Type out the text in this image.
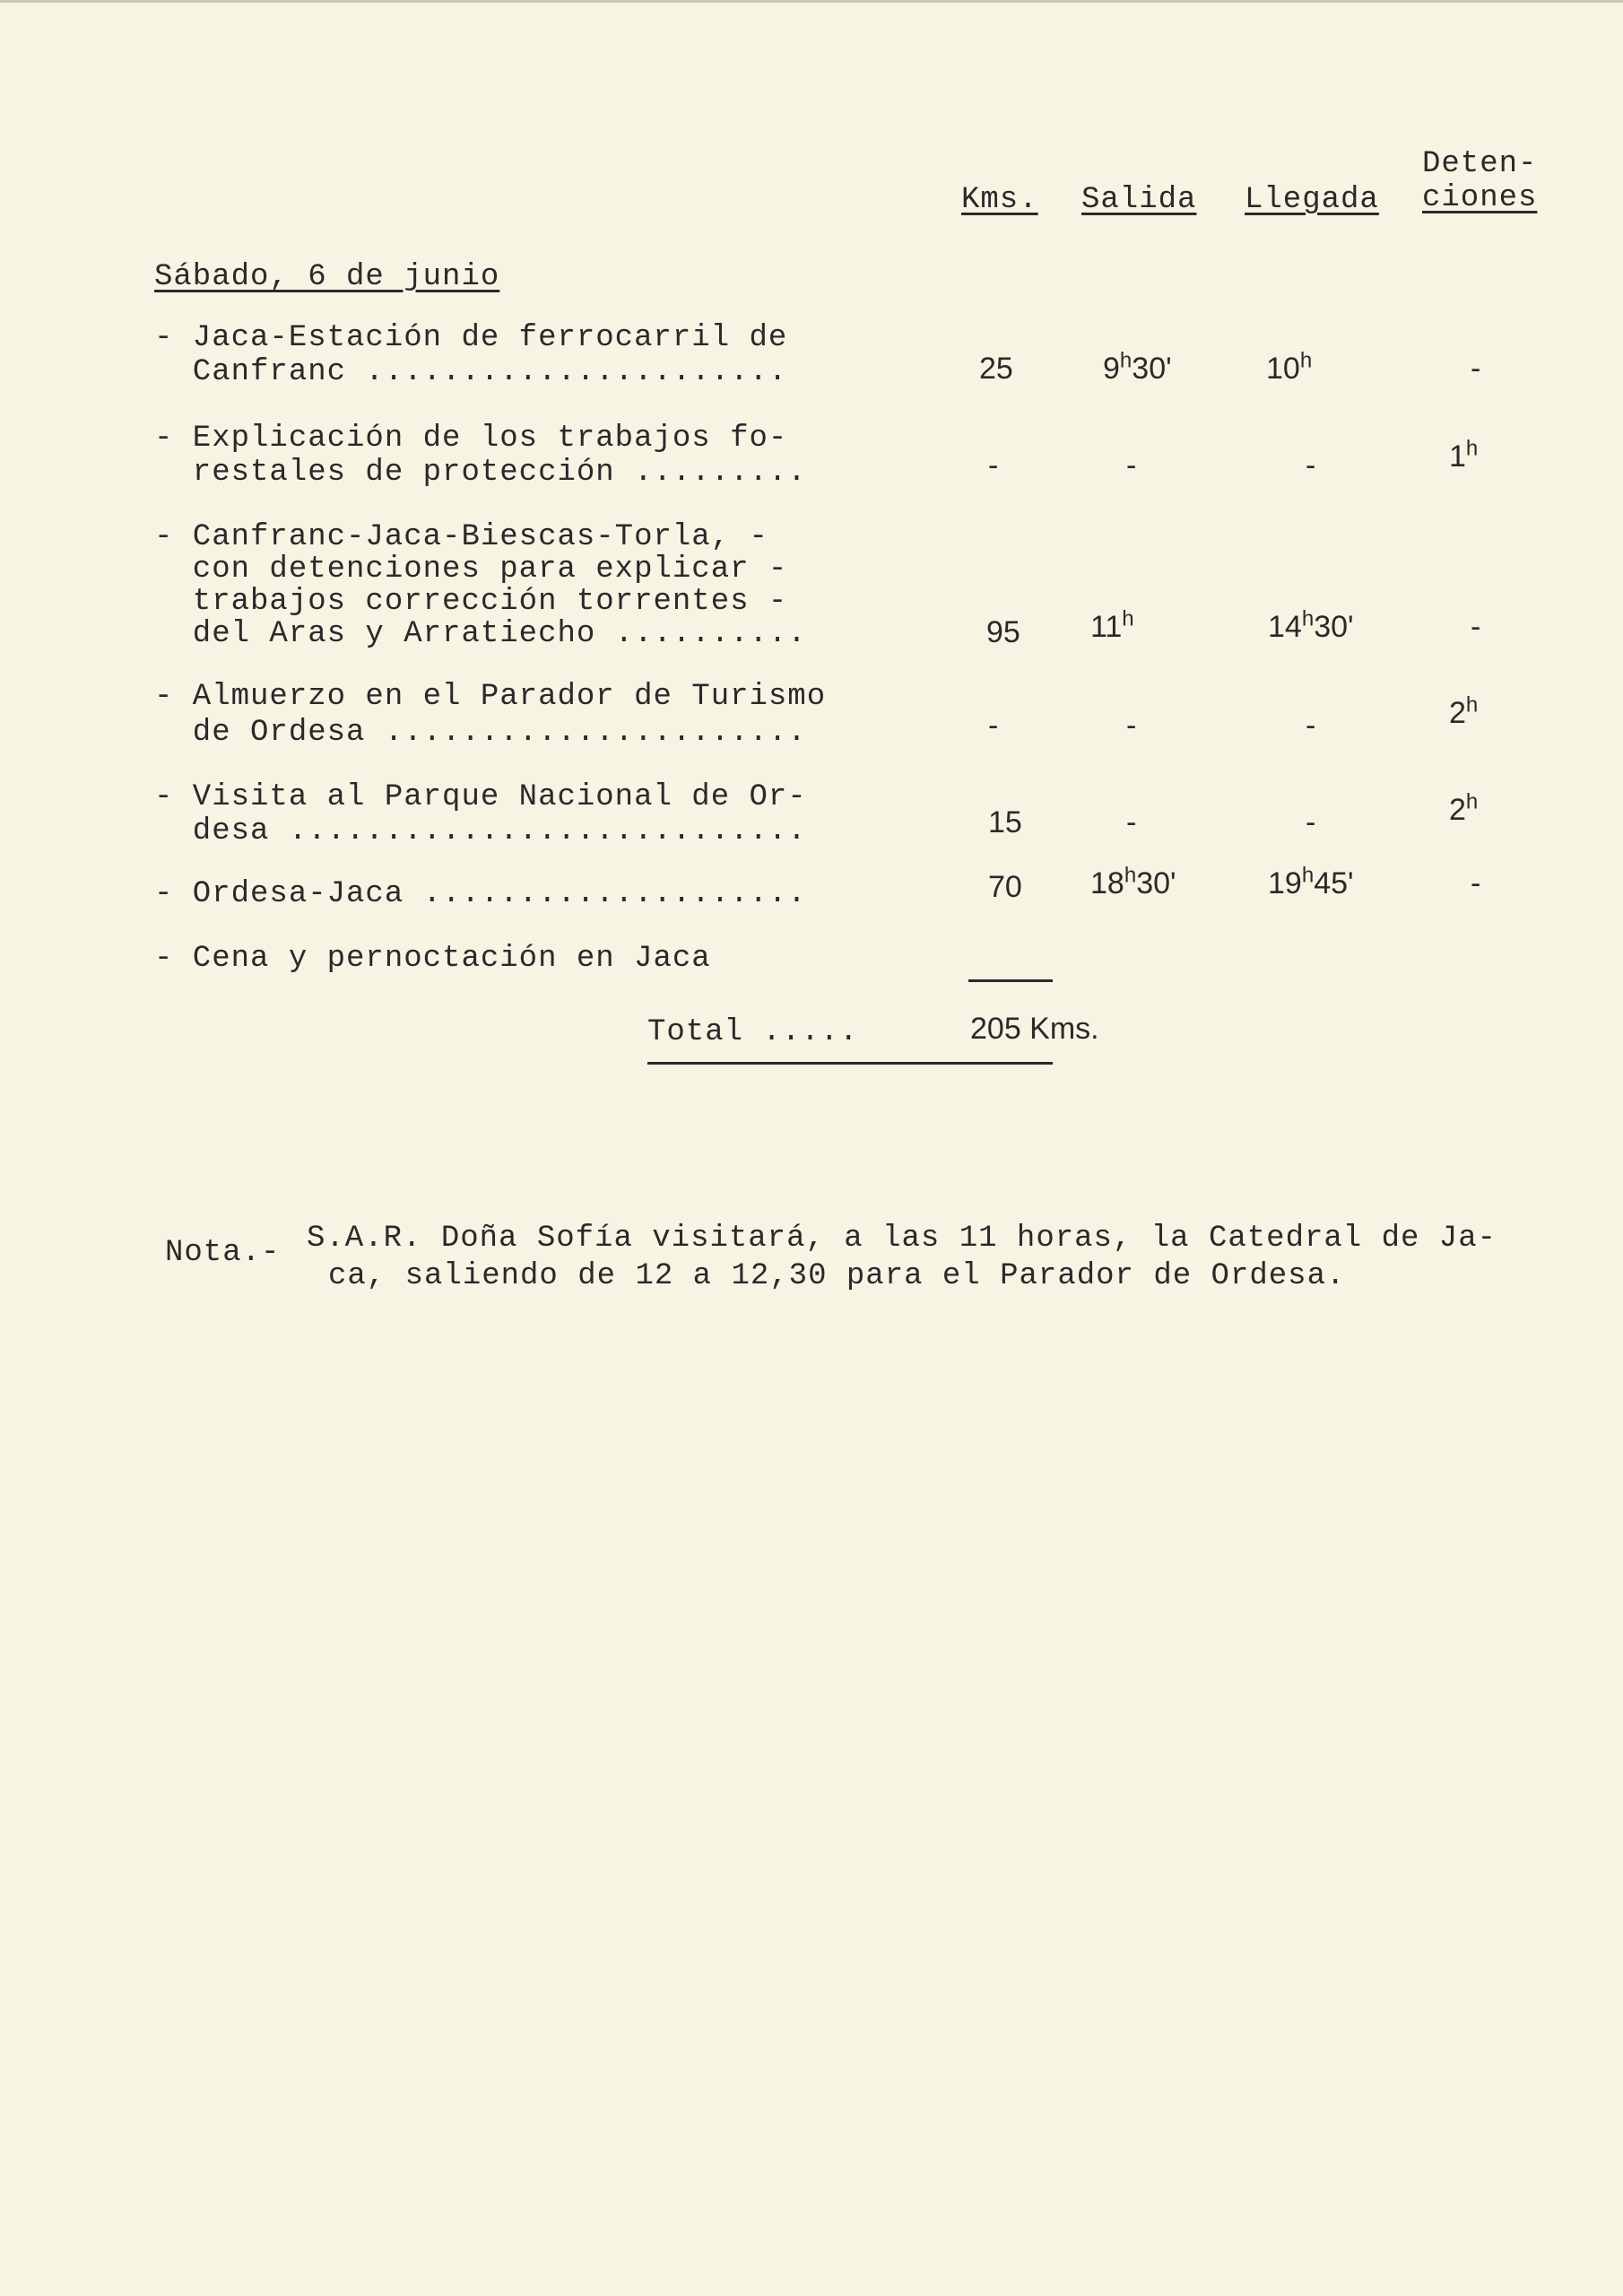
Deten-
Kms. Salida Llegada ciones
Sábado, 6 de junio
- Jaca-Estación de ferrocarril de
Canfranc ......................	25	9$^h$30'	10$^h$	-
- Explicación de los trabajos fo-
restales de protección .........	-	-	-	1$^h$
- Canfranc-Jaca-Biescas-Torla, -
con detenciones para explicar -
trabajos corrección torrentes -
del Aras y Arratiecho ..........	95 11$^h$	14$^h$30'	-
- Almuerzo en el Parador de Turismo
de Ordesa ......................	-	-	-	2$^h$
- Visita al Parque Nacional de Or-
desa ...........................	15	-	-	2$^h$
- Ordesa-Jaca ....................	70 18$^h$30'	19$^h$45'	-
- Cena y pernoctación en Jaca
Total .....	205 Kms.
Nota.- S.A.R. Doña Sofía visitará, a las 11 horas, la Catedral de Ja-
ca, saliendo de 12 a 12,30 para el Parador de Ordesa.
